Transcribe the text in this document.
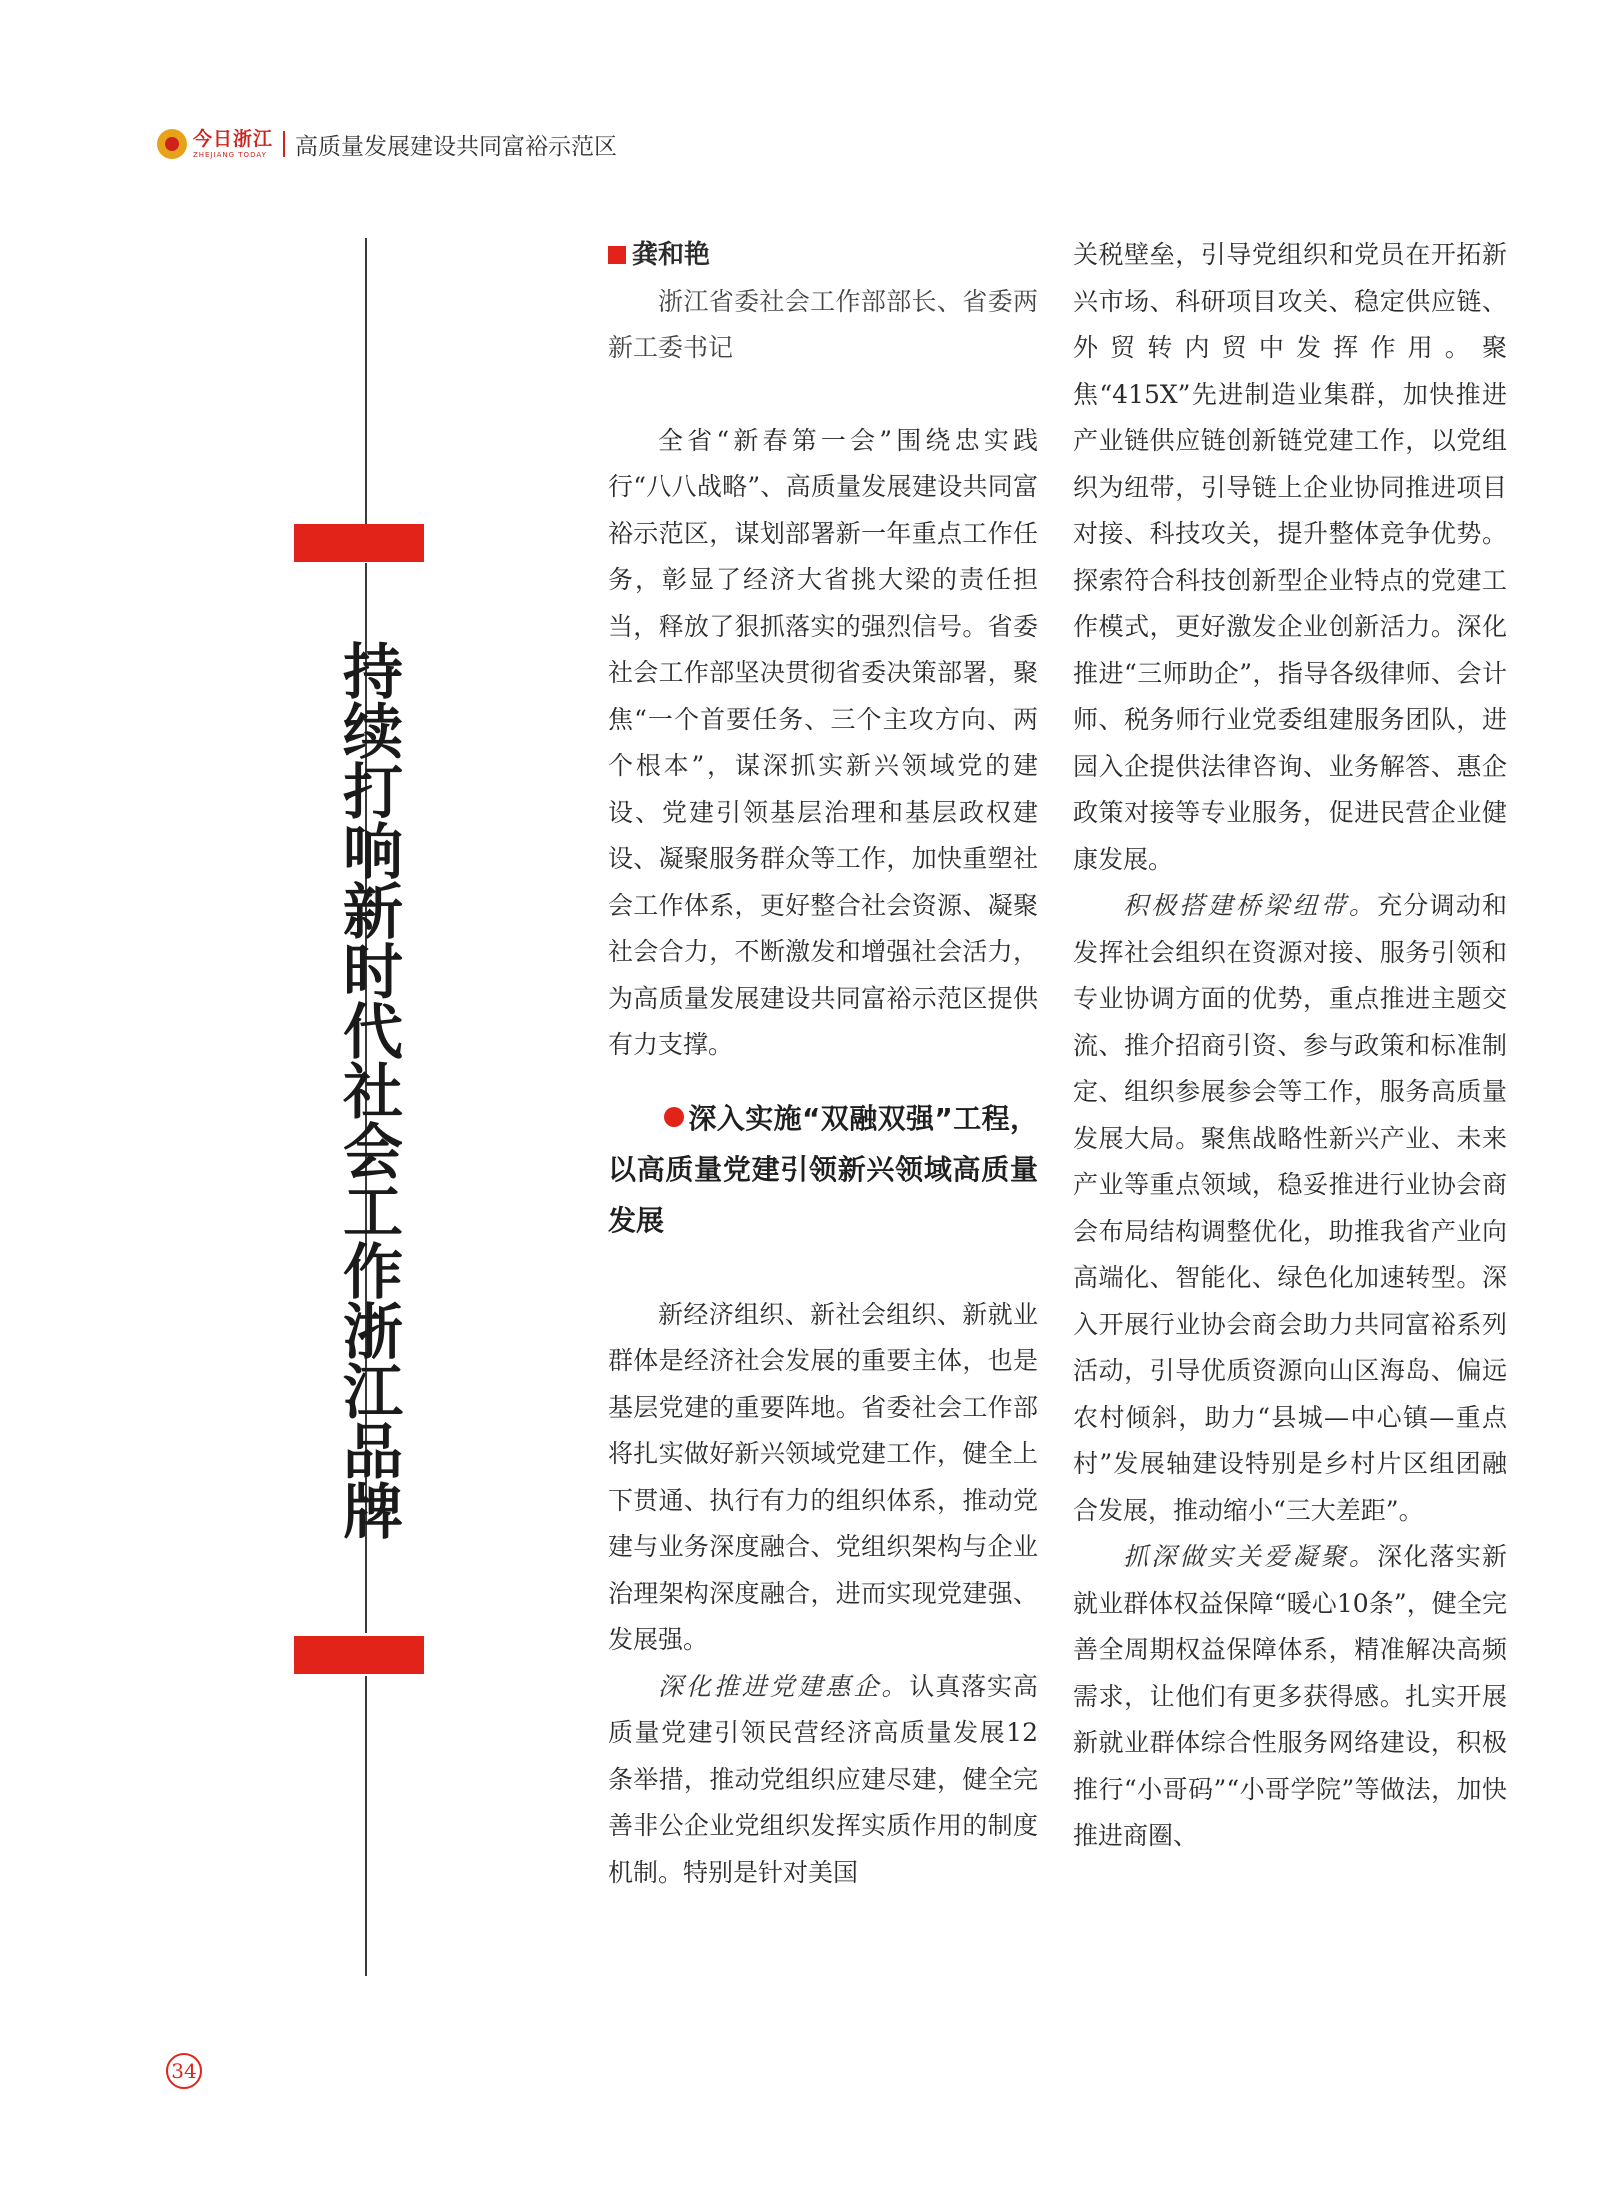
今日浙江
ZHEJIANG TODAY 高质量发展建设共同富裕示范区
持续打响新时代社会工作浙江品牌

龚和艳

浙江省委社会工作部部长、省委两新工委书记

全省“新春第一会”围绕忠实践行“八八战略”、高质量发展建设共同富裕示范区，谋划部署新一年重点工作任务，彰显了经济大省挑大梁的责任担当，释放了狠抓落实的强烈信号。省委社会工作部坚决贯彻省委决策部署，聚焦“一个首要任务、三个主攻方向、两个根本”，谋深抓实新兴领域党的建设、党建引领基层治理和基层政权建设、凝聚服务群众等工作，加快重塑社会工作体系，更好整合社会资源、凝聚社会合力，不断激发和增强社会活力，为高质量发展建设共同富裕示范区提供有力支撑。

深入实施“双融双强”工程，以高质量党建引领新兴领域高质量发展

新经济组织、新社会组织、新就业群体是经济社会发展的重要主体，也是基层党建的重要阵地。省委社会工作部将扎实做好新兴领域党建工作，健全上下贯通、执行有力的组织体系，推动党建与业务深度融合、党组织架构与企业治理架构深度融合，进而实现党建强、发展强。

深化推进党建惠企。认真落实高质量党建引领民营经济高质量发展12条举措，推动党组织应建尽建，健全完善非公企业党组织发挥实质作用的制度机制。特别是针对美国

关税壁垒，引导党组织和党员在开拓新兴市场、科研项目攻关、稳定供应链、外贸转内贸中发挥作用。聚焦“415X”先进制造业集群，加快推进产业链供应链创新链党建工作，以党组织为纽带，引导链上企业协同推进项目对接、科技攻关，提升整体竞争优势。探索符合科技创新型企业特点的党建工作模式，更好激发企业创新活力。深化推进“三师助企”，指导各级律师、会计师、税务师行业党委组建服务团队，进园入企提供法律咨询、业务解答、惠企政策对接等专业服务，促进民营企业健康发展。

积极搭建桥梁纽带。充分调动和发挥社会组织在资源对接、服务引领和专业协调方面的优势，重点推进主题交流、推介招商引资、参与政策和标准制定、组织参展参会等工作，服务高质量发展大局。聚焦战略性新兴产业、未来产业等重点领域，稳妥推进行业协会商会布局结构调整优化，助推我省产业向高端化、智能化、绿色化加速转型。深入开展行业协会商会助力共同富裕系列活动，引导优质资源向山区海岛、偏远农村倾斜，助力“县城—中心镇—重点村”发展轴建设特别是乡村片区组团融合发展，推动缩小“三大差距”。

抓深做实关爱凝聚。深化落实新就业群体权益保障“暖心10条”，健全完善全周期权益保障体系，精准解决高频需求，让他们有更多获得感。扎实开展新就业群体综合性服务网络建设，积极推行“小哥码”“小哥学院”等做法，加快推进商圈、

34
